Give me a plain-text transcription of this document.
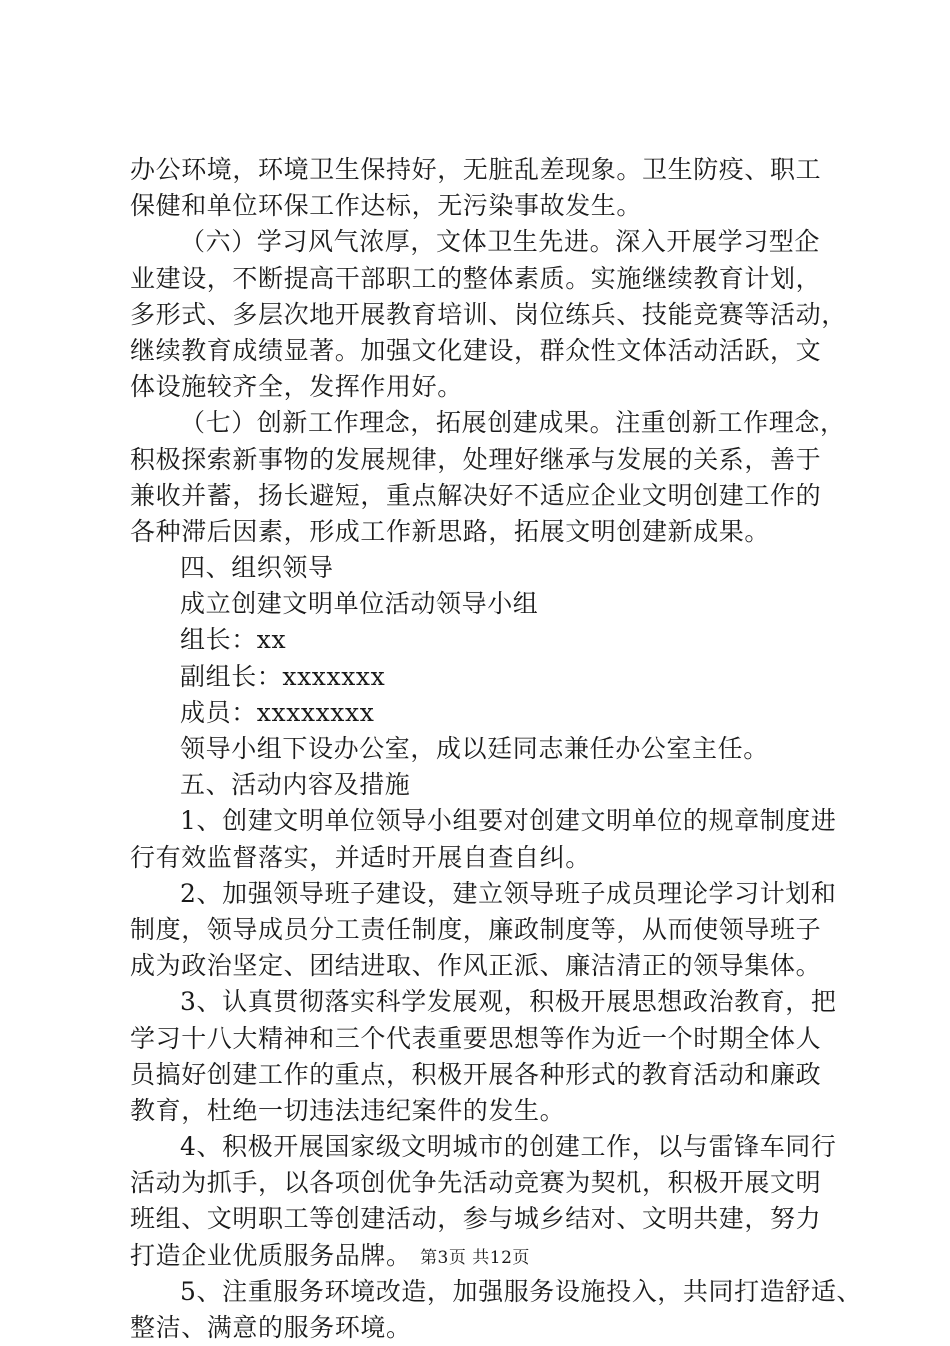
办公环境，环境卫生保持好，无脏乱差现象。卫生防疫、职工
保健和单位环保工作达标，无污染事故发生。
（六）学习风气浓厚，文体卫生先进。深入开展学习型企
业建设，不断提高干部职工的整体素质。实施继续教育计划，
多形式、多层次地开展教育培训、岗位练兵、技能竞赛等活动，
继续教育成绩显著。加强文化建设，群众性文体活动活跃，文
体设施较齐全，发挥作用好。
（七）创新工作理念，拓展创建成果。注重创新工作理念，
积极探索新事物的发展规律，处理好继承与发展的关系，善于
兼收并蓄，扬长避短，重点解决好不适应企业文明创建工作的
各种滞后因素，形成工作新思路，拓展文明创建新成果。
四、组织领导
成立创建文明单位活动领导小组
组长：xx
副组长：xxxxxxx
成员：xxxxxxxx
领导小组下设办公室，成以廷同志兼任办公室主任。
五、活动内容及措施
1、创建文明单位领导小组要对创建文明单位的规章制度进
行有效监督落实，并适时开展自查自纠。
2、加强领导班子建设，建立领导班子成员理论学习计划和
制度，领导成员分工责任制度，廉政制度等，从而使领导班子
成为政治坚定、团结进取、作风正派、廉洁清正的领导集体。
3、认真贯彻落实科学发展观，积极开展思想政治教育，把
学习十八大精神和三个代表重要思想等作为近一个时期全体人
员搞好创建工作的重点，积极开展各种形式的教育活动和廉政
教育，杜绝一切违法违纪案件的发生。
4、积极开展国家级文明城市的创建工作，以与雷锋车同行
活动为抓手，以各项创优争先活动竞赛为契机，积极开展文明
班组、文明职工等创建活动，参与城乡结对、文明共建，努力
打造企业优质服务品牌。
5、注重服务环境改造，加强服务设施投入，共同打造舒适、
整洁、满意的服务环境。
第3页 共12页
